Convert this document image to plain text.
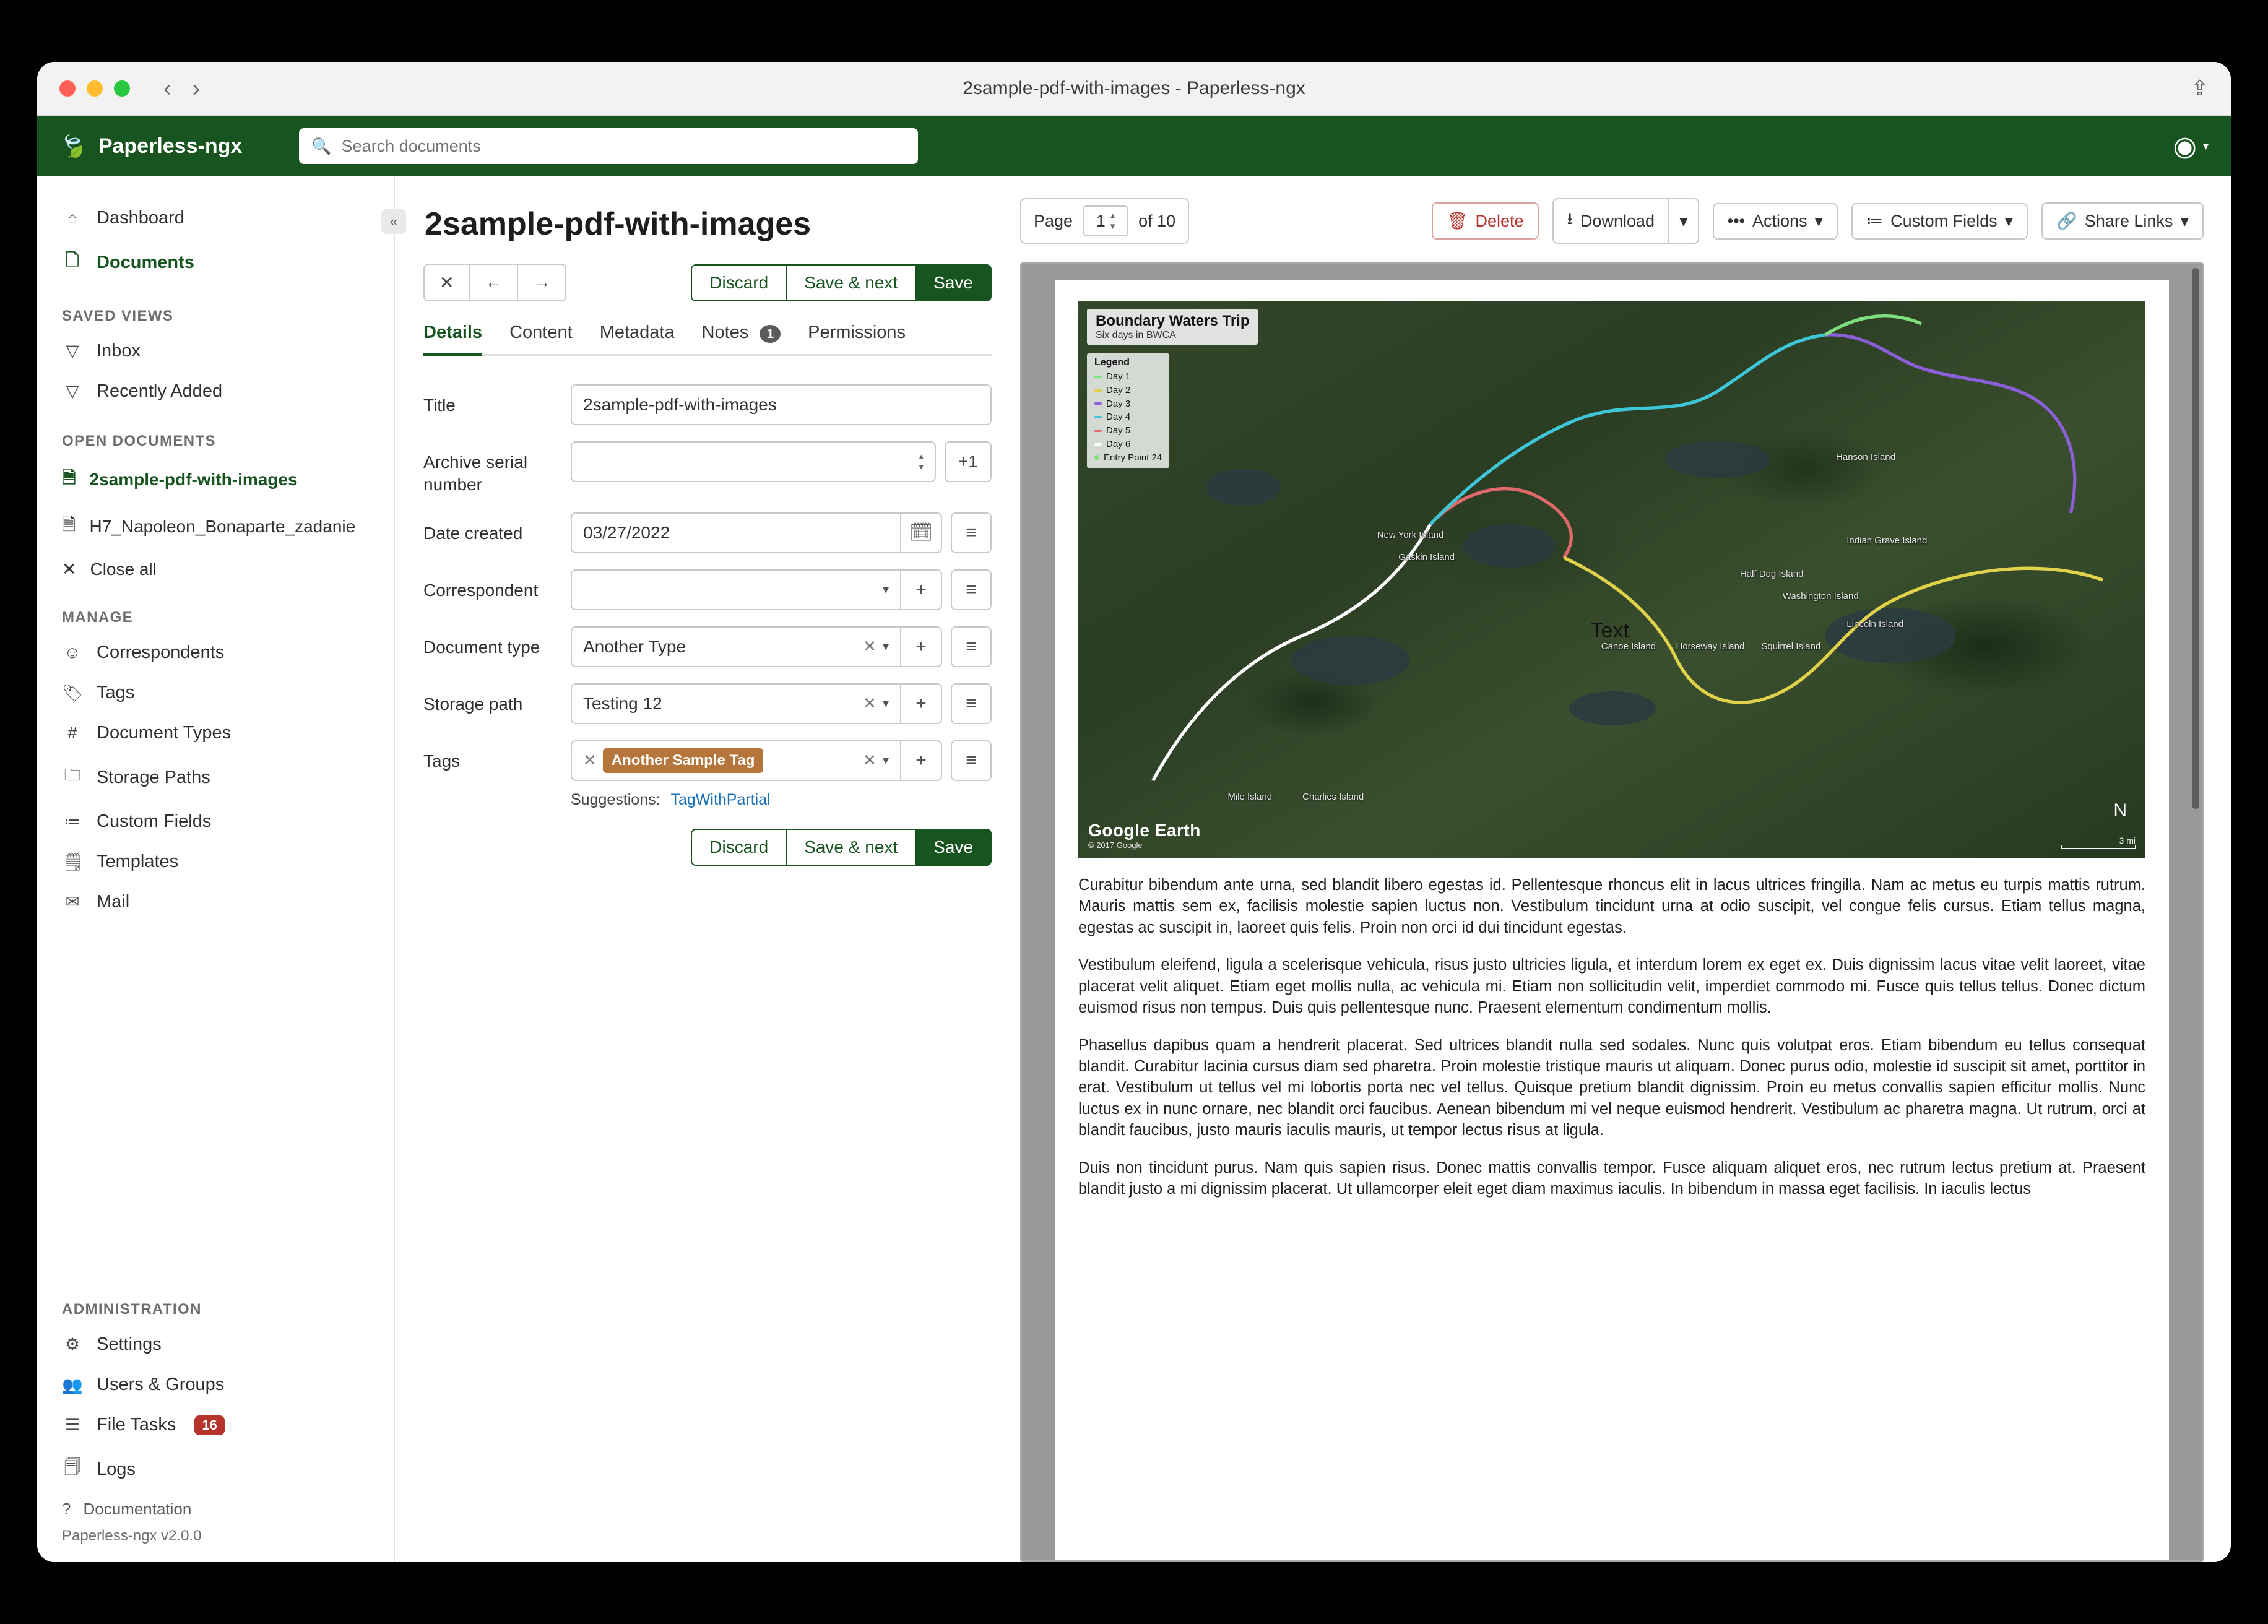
‹ ›	2sample-pdf-with-images - Paperless-ngx	⇪
🍃 Paperless-ngx	🔍
Search documents	◉ ▾
«
⌂	Dashboard
🗋 Documents
SAVED VIEWS
▽ Inbox
▽ Recently Added
OPEN DOCUMENTS
🗎 2sample-pdf-with-images
🗎 H7_Napoleon_Bonaparte_zadanie
✕ Close all
MANAGE
☺ Correspondents
🏷 Tags
#	Document Types
🗀 Storage Paths
≔ Custom Fields
🗒 Templates
✉ Mail
ADMINISTRATION
⚙ Settings
👥 Users & Groups
☰ File Tasks	16
🗐 Logs
? Documentation
Paperless-ngx v2.0.0
2sample-pdf-with-images
✕	←	→	Discard	Save & next	Save
Details Content Metadata Notes 1	Permissions
Title	2sample-pdf-with-images
Archive serial number
▴
▾	+1
Date created	03/27/2022	🗓	≡
Correspondent	▾	+	≡
Document type	Another Type	✕ ▾	+	≡
Storage path	Testing 12	✕ ▾	+	≡
Tags	✕	Another Sample Tag	✕ ▾	+	≡
Suggestions: TagWithPartial
Discard	Save & next	Save
Page 1 ▴
▾ of 10	🗑 Delete	⭳ Download ▾ ••• Actions ▾	≔ Custom Fields ▾	🔗 Share Links ▾
Boundary Waters Trip
Six days in BWCA
Legend
Day 1
Day 2
Day 3
Day 4
Day 5
Day 6
Entry Point 24	Hanson Island
New York Island
Gaskin Island
Indian Grave Island
Half Dog Island
Washington Island
Lincoln Island
Canoe Island Horseway Island Squirrel Island
Mile Island	Charlies Island
Text
Google Earth
© 2017 Google
N
3 mi

Curabitur bibendum ante urna, sed blandit libero egestas id. Pellentesque rhoncus elit in lacus ultrices fringilla. Nam ac metus eu turpis mattis rutrum. Mauris mattis sem ex, facilisis molestie sapien luctus non. Vestibulum tincidunt urna at odio suscipit, vel congue felis cursus. Etiam tellus magna, egestas ac suscipit in, laoreet quis felis. Proin non orci id dui tincidunt egestas.

Vestibulum eleifend, ligula a scelerisque vehicula, risus justo ultricies ligula, et interdum lorem ex eget ex. Duis dignissim lacus vitae velit laoreet, vitae placerat velit aliquet. Etiam eget mollis nulla, ac vehicula mi. Etiam non sollicitudin velit, imperdiet commodo mi. Fusce quis tellus tellus. Donec dictum euismod risus non tempus. Duis quis pellentesque nunc. Praesent elementum condimentum mollis.

Phasellus dapibus quam a hendrerit placerat. Sed ultrices blandit nulla sed sodales. Nunc quis volutpat eros. Etiam bibendum eu tellus consequat blandit. Curabitur lacinia cursus diam sed pharetra. Proin molestie tristique mauris ut aliquam. Donec purus odio, molestie id suscipit sit amet, porttitor in erat. Vestibulum ut tellus vel mi lobortis porta nec vel tellus. Quisque pretium blandit dignissim. Proin eu metus convallis sapien efficitur mollis. Nunc luctus ex in nunc ornare, nec blandit orci faucibus. Aenean bibendum mi vel neque euismod hendrerit. Vestibulum ac pharetra magna. Ut rutrum, orci at blandit faucibus, justo mauris iaculis mauris, ut tempor lectus risus at ligula.

Duis non tincidunt purus. Nam quis sapien risus. Donec mattis convallis tempor. Fusce aliquam aliquet eros, nec rutrum lectus pretium at. Praesent blandit justo a mi dignissim placerat. Ut ullamcorper eleit eget diam maximus iaculis. In bibendum in massa eget facilisis. In iaculis lectus
